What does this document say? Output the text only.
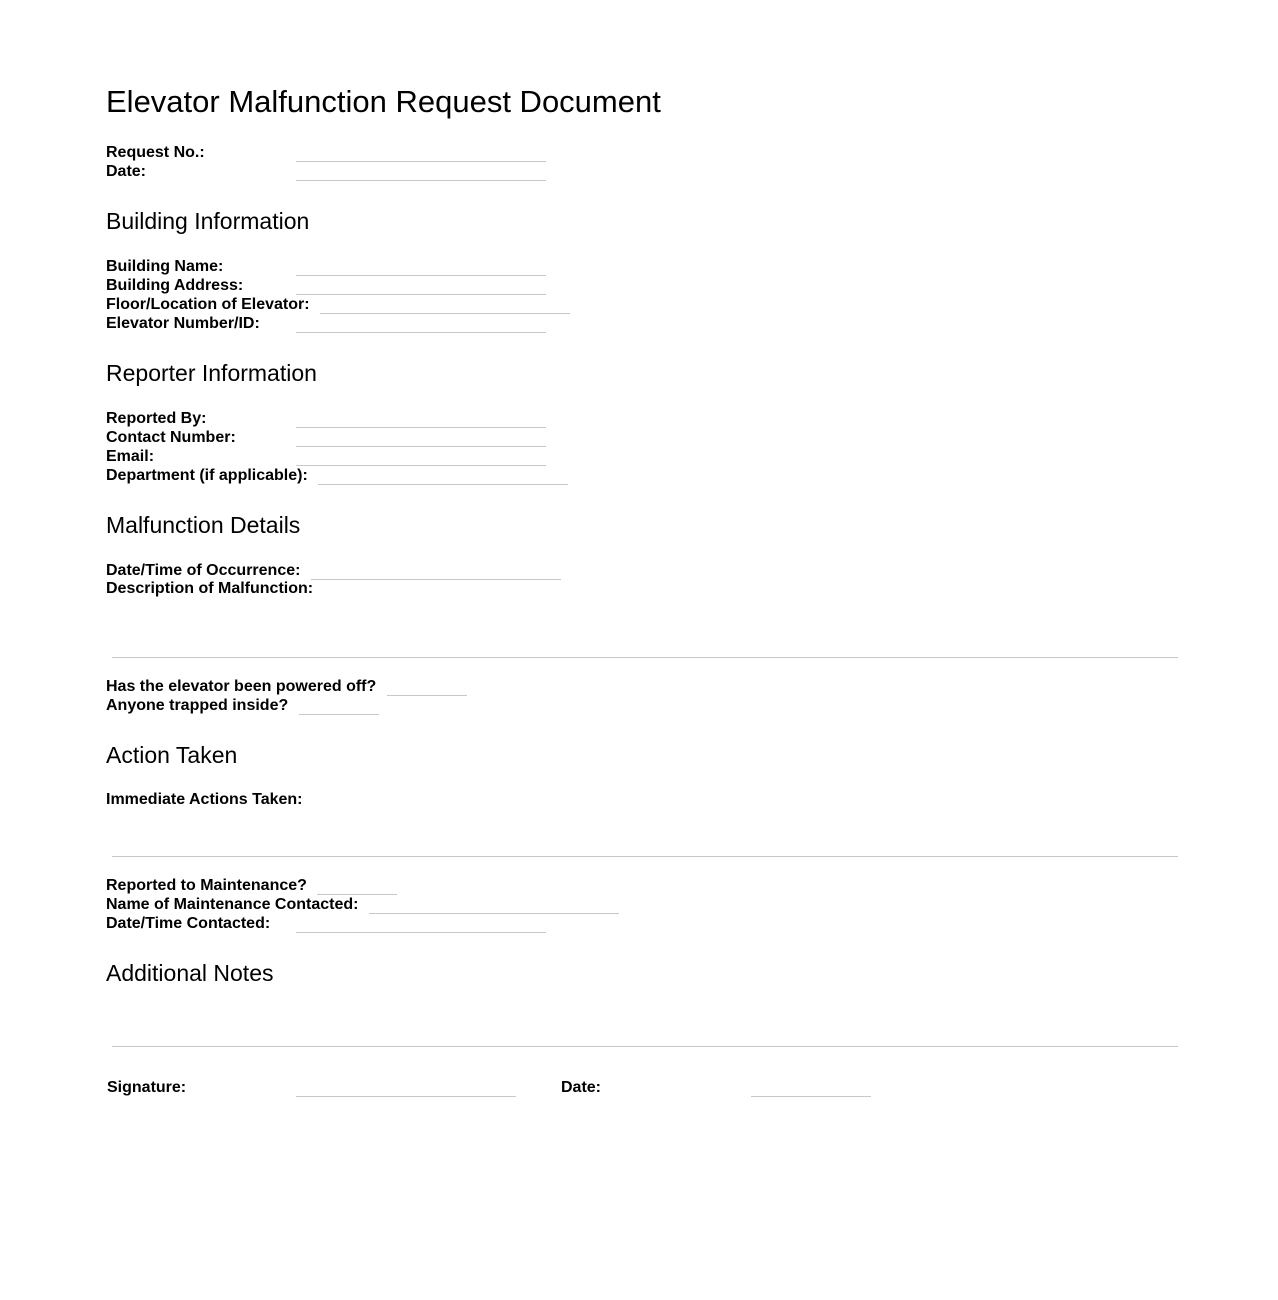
Elevator Malfunction Request Document
Request No.:
Date:
Building Information
Building Name:
Building Address:
Floor/Location of Elevator:
Elevator Number/ID:
Reporter Information
Reported By:
Contact Number:
Email:
Department (if applicable):
Malfunction Details
Date/Time of Occurrence:
Description of Malfunction:
Has the elevator been powered off?
Anyone trapped inside?
Action Taken
Immediate Actions Taken:
Reported to Maintenance?
Name of Maintenance Contacted:
Date/Time Contacted:
Additional Notes
Signature:	Date:
